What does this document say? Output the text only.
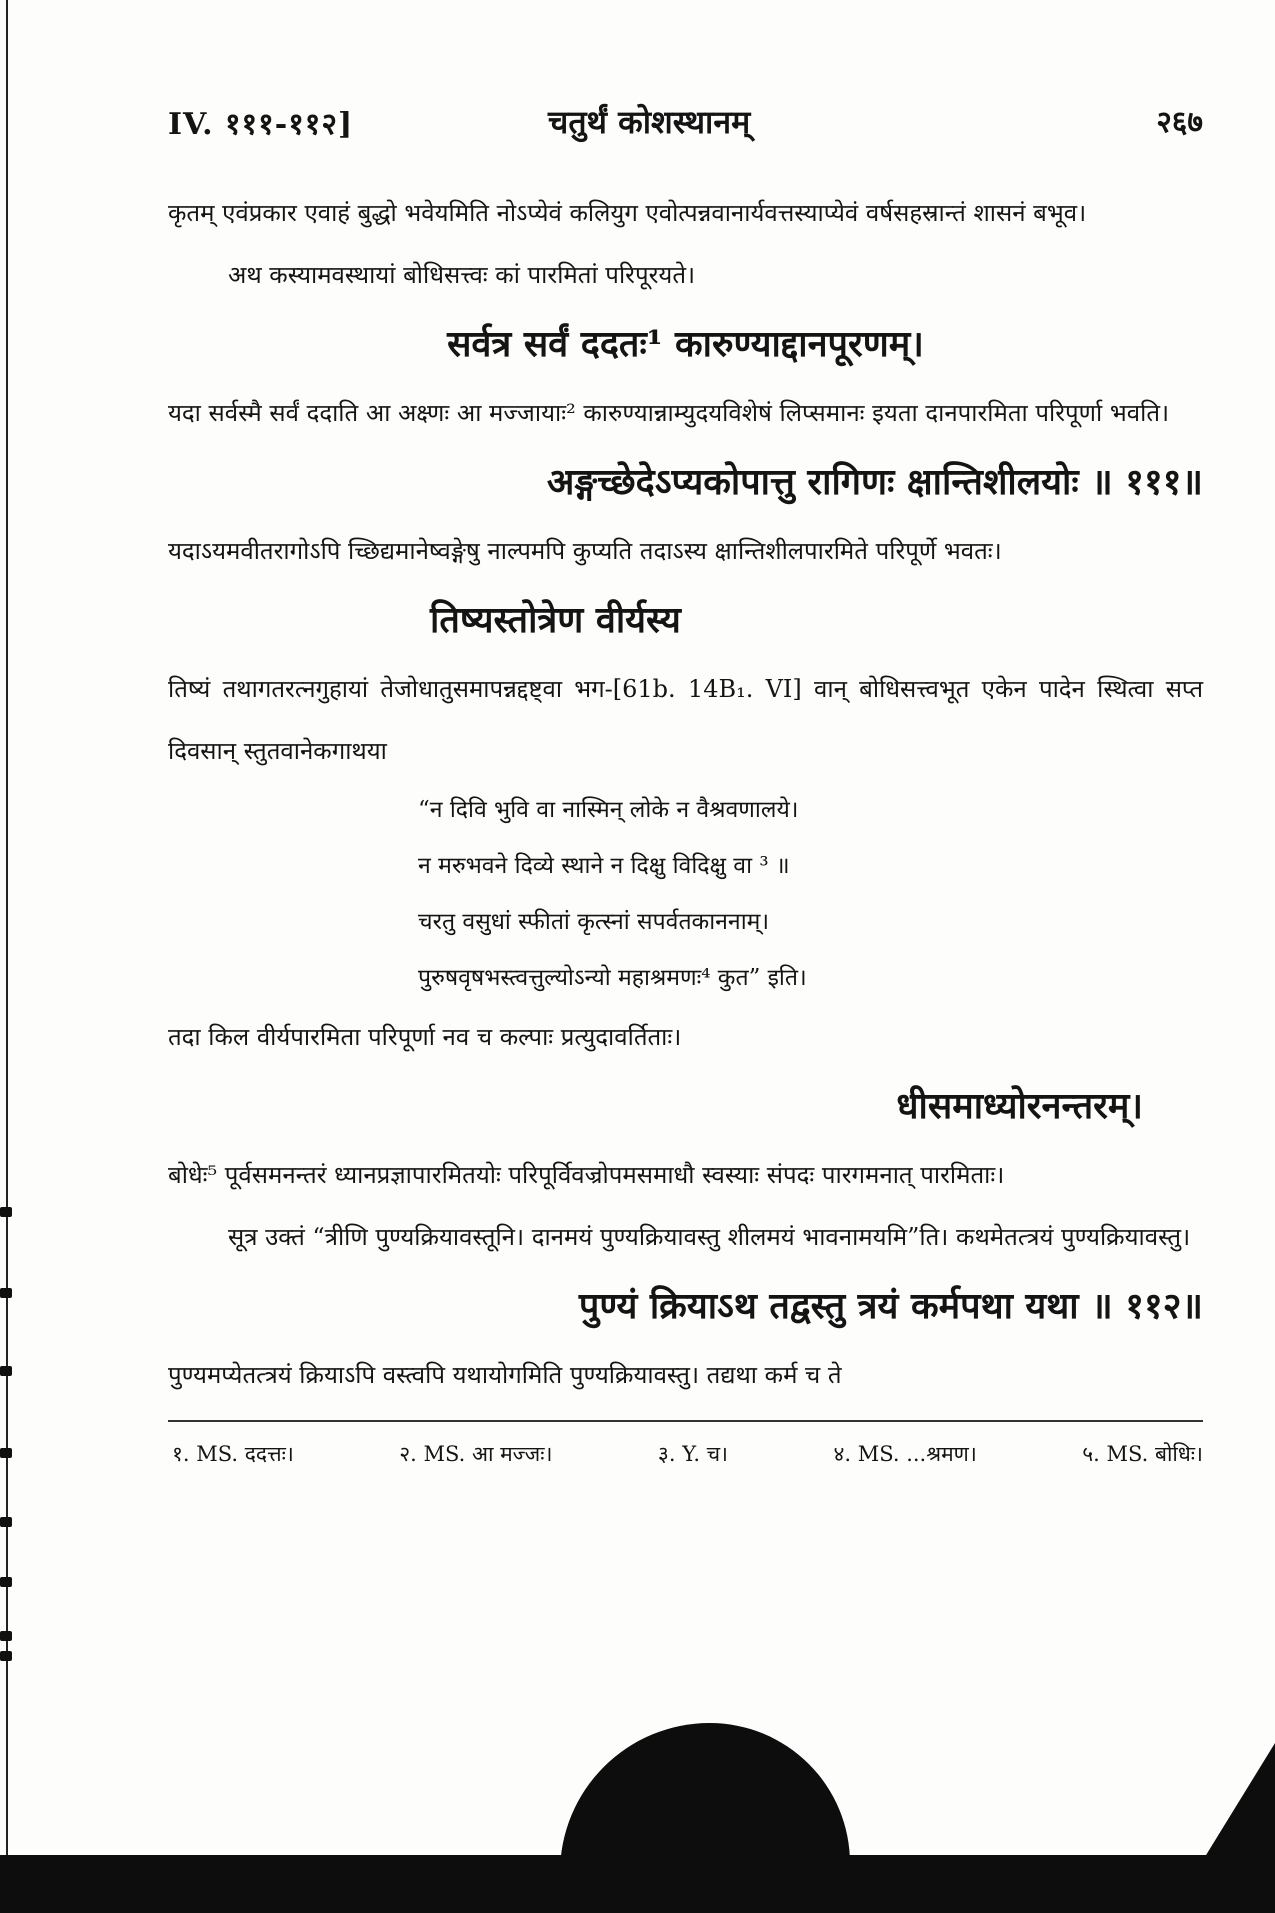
IV. १११-११२]	चतुर्थं कोशस्थानम्	२६७

कृतम् एवंप्रकार एवाहं बुद्धो भवेयमिति नोऽप्येवं कलियुग एवोत्पन्नवानार्यवत्तस्याप्येवं वर्षसहस्रान्तं शासनं बभूव।

अथ कस्यामवस्थायां बोधिसत्त्वः कां पारमितां परिपूरयते।

सर्वत्र सर्वं ददतः¹ कारुण्याद्दानपूरणम्।

यदा सर्वस्मै सर्वं ददाति आ अक्ष्णः आ मज्जायाः² कारुण्यान्नाम्युदयविशेषं लिप्समानः इयता दानपारमिता परिपूर्णा भवति।

अङ्गच्छेदेऽप्यकोपात्तु रागिणः क्षान्तिशीलयोः ॥ १११॥

यदाऽयमवीतरागोऽपि च्छिद्यमानेष्वङ्गेषु नाल्पमपि कुप्यति तदाऽस्य क्षान्तिशीलपारमिते परिपूर्णे भवतः।

तिष्यस्तोत्रेण वीर्यस्य

तिष्यं तथागतरत्नगुहायां तेजोधातुसमापन्नद्दष्ट्वा भग-[61b. 14B₁. VI] वान् बोधिसत्त्वभूत एकेन पादेन स्थित्वा सप्त दिवसान् स्तुतवानेकगाथया

“न दिवि भुवि वा नास्मिन् लोके न वैश्रवणालये।

न मरुभवने दिव्ये स्थाने न दिक्षु विदिक्षु वा ³ ॥

चरतु वसुधां स्फीतां कृत्स्नां सपर्वतकाननाम्।

पुरुषवृषभस्त्वत्तुल्योऽन्यो महाश्रमणः⁴ कुत” इति।

तदा किल वीर्यपारमिता परिपूर्णा नव च कल्पाः प्रत्युदावर्तिताः।

धीसमाध्योरनन्तरम्।

बोधेः⁵ पूर्वसमनन्तरं ध्यानप्रज्ञापारमितयोः परिपूर्विवज्रोपमसमाधौ स्वस्याः संपदः पारगमनात् पारमिताः।

सूत्र उक्तं “त्रीणि पुण्यक्रियावस्तूनि। दानमयं पुण्यक्रियावस्तु शीलमयं भावनामयमि”ति। कथमेतत्त्रयं पुण्यक्रियावस्तु।

पुण्यं क्रियाऽथ तद्वस्तु त्रयं कर्मपथा यथा ॥ ११२॥

पुण्यमप्येतत्त्रयं क्रियाऽपि वस्त्वपि यथायोगमिति पुण्यक्रियावस्तु। तद्यथा कर्म च ते

१. MS. ददत्तः।	२. MS. आ मज्जः।	३. Y. च।	४. MS. ...श्रमण।	५. MS. बोधिः।
